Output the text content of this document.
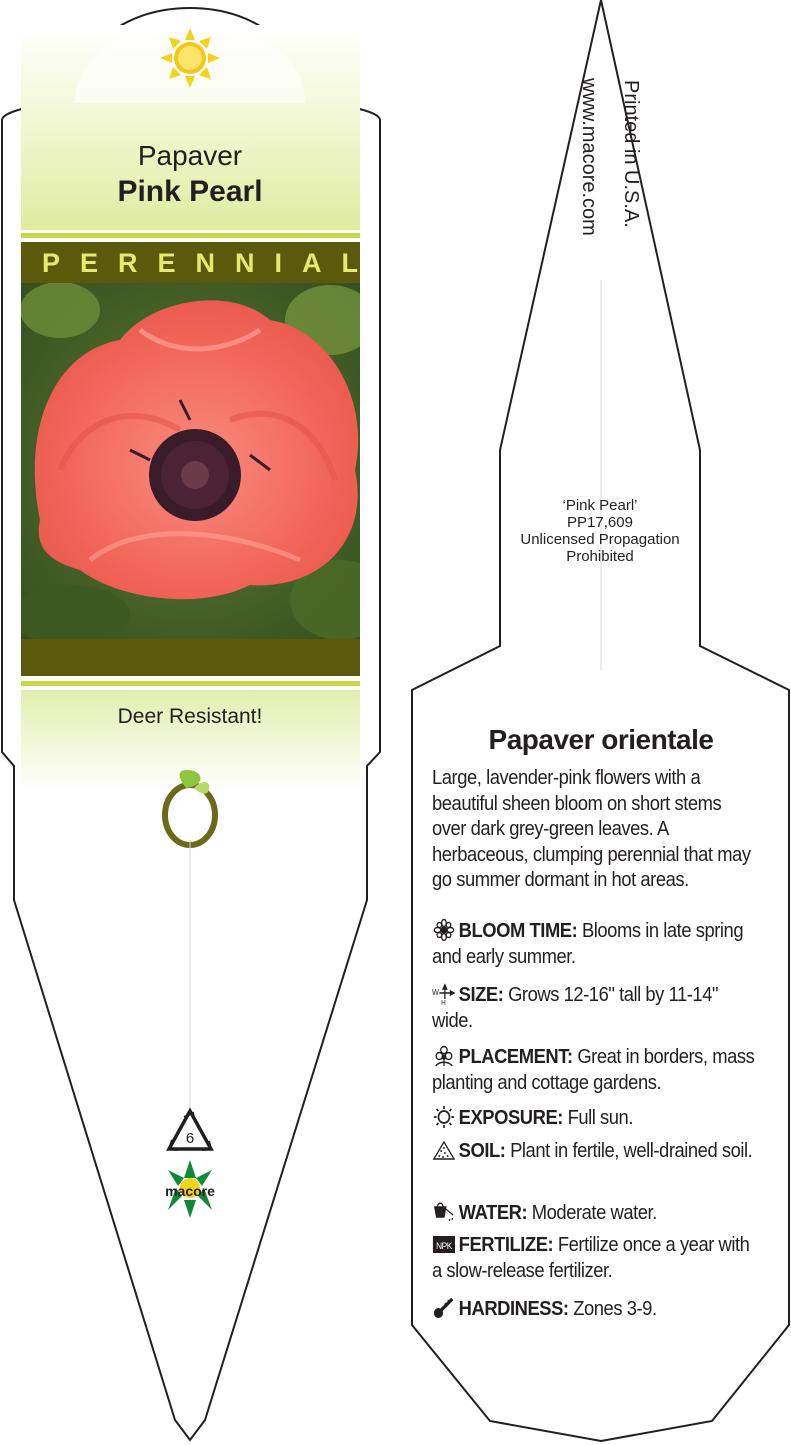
Papaver
Pink Pearl
PERENNIAL
Deer Resistant!
6
macore
Printed in U.S.A.
www.macore.com
‘Pink Pearl’
PP17,609
Unlicensed Propagation
Prohibited
Papaver orientale
Large, lavender-pink flowers with a beautiful sheen bloom on short stems over dark grey-green leaves. A herbaceous, clumping perennial that may go summer dormant in hot areas.
BLOOM TIME: Blooms in late spring and early summer.
W
H SIZE: Grows 12-16" tall by 11-14" wide.
PLACEMENT: Great in borders, mass planting and cottage gardens.
EXPOSURE: Full sun.
SOIL: Plant in fertile, well-drained soil.
WATER: Moderate water.
NPK FERTILIZE: Fertilize once a year with a slow-release fertilizer.
HARDINESS: Zones 3-9.
